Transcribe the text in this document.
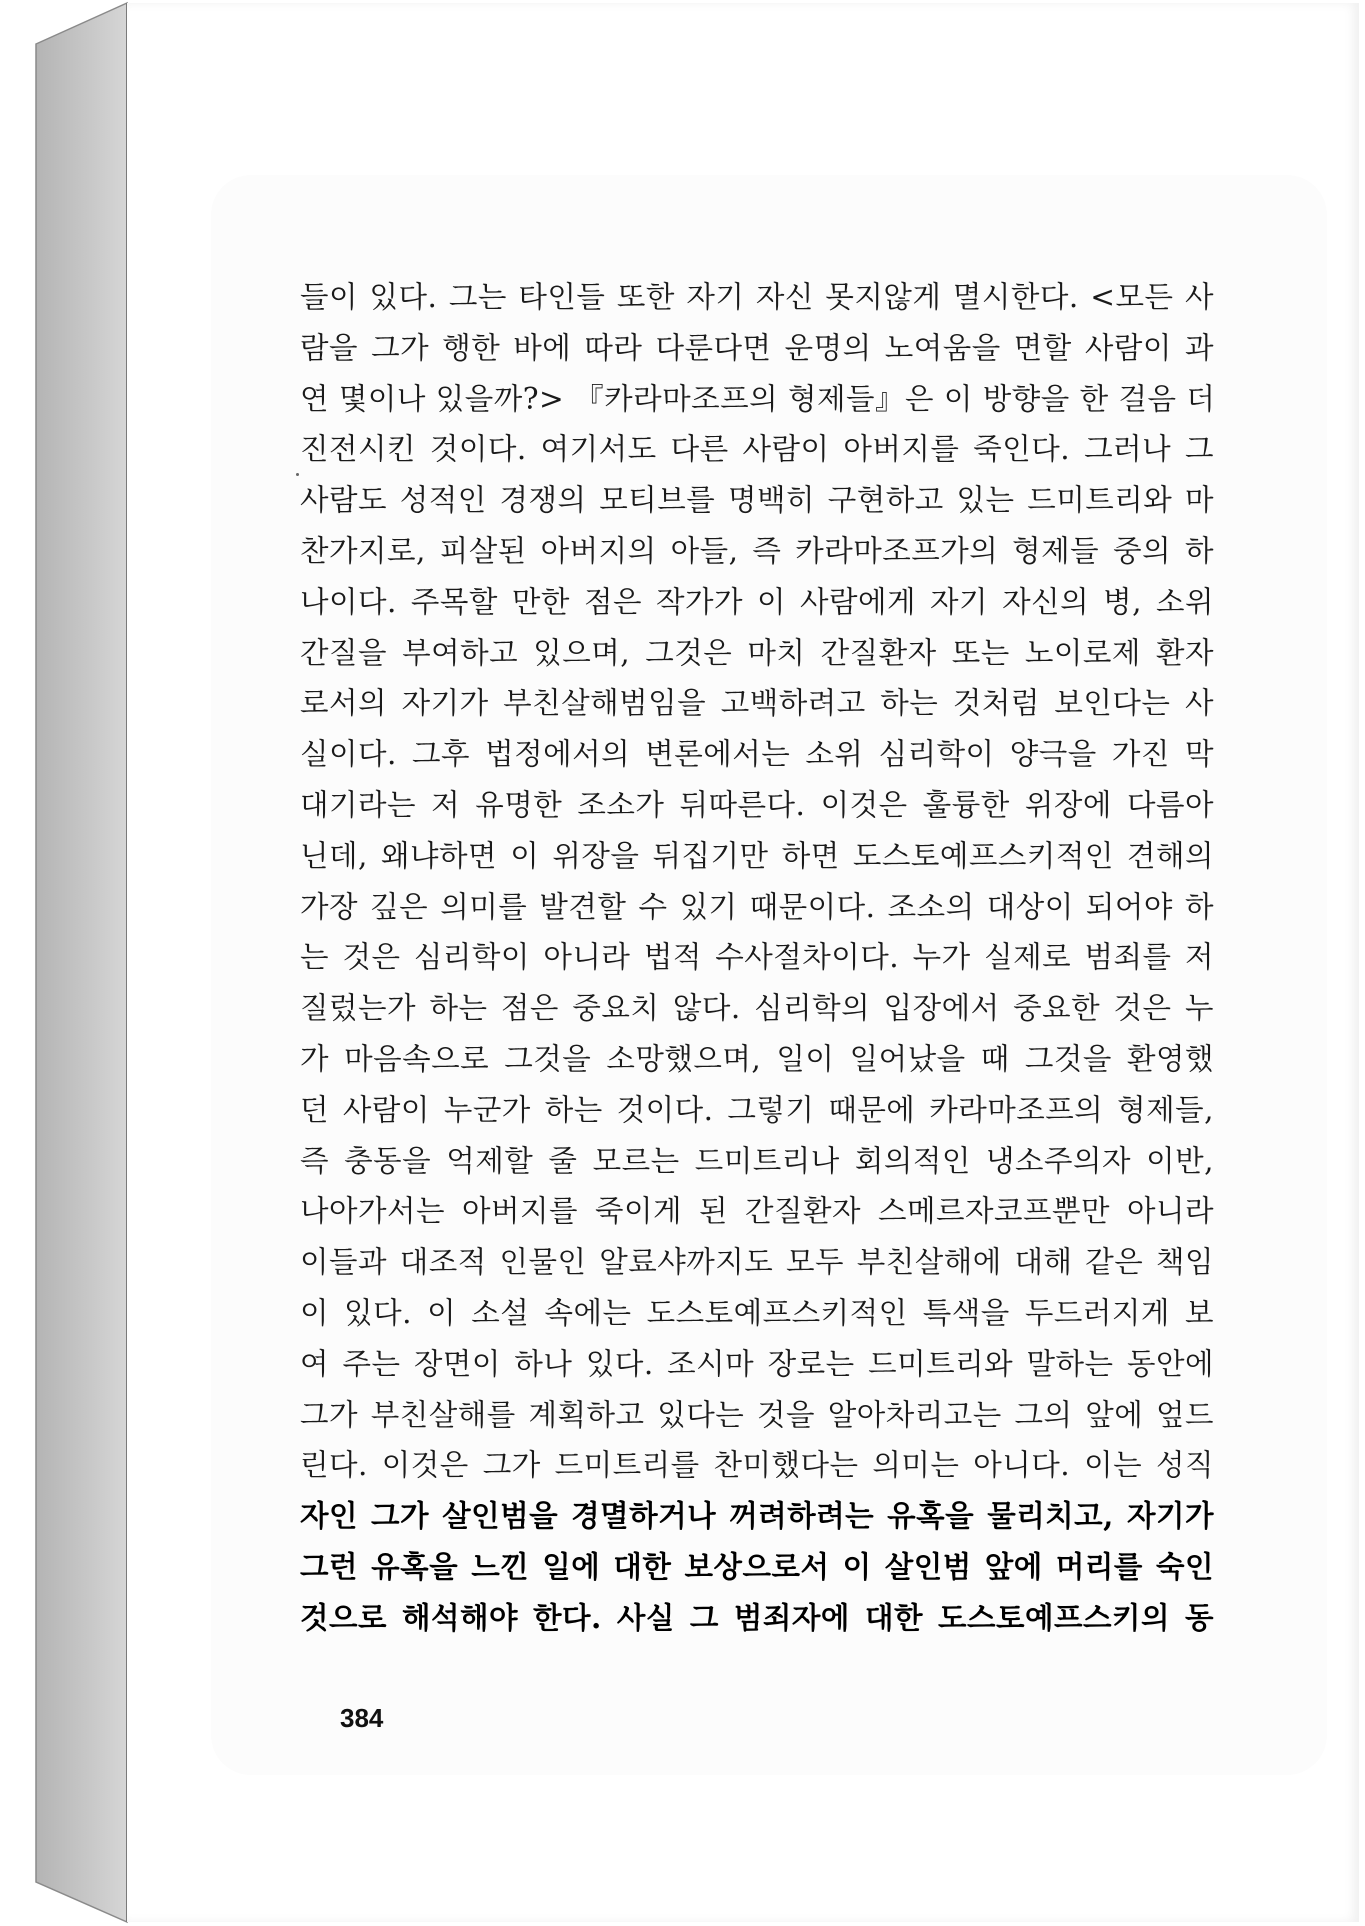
들이 있다. 그는 타인들 또한 자기 자신 못지않게 멸시한다. <모든 사
람을 그가 행한 바에 따라 다룬다면 운명의 노여움을 면할 사람이 과
연 몇이나 있을까?> 『카라마조프의 형제들』은 이 방향을 한 걸음 더
진전시킨 것이다. 여기서도 다른 사람이 아버지를 죽인다. 그러나 그
사람도 성적인 경쟁의 모티브를 명백히 구현하고 있는 드미트리와 마
찬가지로, 피살된 아버지의 아들, 즉 카라마조프가의 형제들 중의 하
나이다. 주목할 만한 점은 작가가 이 사람에게 자기 자신의 병, 소위
간질을 부여하고 있으며, 그것은 마치 간질환자 또는 노이로제 환자
로서의 자기가 부친살해범임을 고백하려고 하는 것처럼 보인다는 사
실이다. 그후 법정에서의 변론에서는 소위 심리학이 양극을 가진 막
대기라는 저 유명한 조소가 뒤따른다. 이것은 훌륭한 위장에 다름아
닌데, 왜냐하면 이 위장을 뒤집기만 하면 도스토예프스키적인 견해의
가장 깊은 의미를 발견할 수 있기 때문이다. 조소의 대상이 되어야 하
는 것은 심리학이 아니라 법적 수사절차이다. 누가 실제로 범죄를 저
질렀는가 하는 점은 중요치 않다. 심리학의 입장에서 중요한 것은 누
가 마음속으로 그것을 소망했으며, 일이 일어났을 때 그것을 환영했
던 사람이 누군가 하는 것이다. 그렇기 때문에 카라마조프의 형제들,
즉 충동을 억제할 줄 모르는 드미트리나 회의적인 냉소주의자 이반,
나아가서는 아버지를 죽이게 된 간질환자 스메르자코프뿐만 아니라
이들과 대조적 인물인 알료샤까지도 모두 부친살해에 대해 같은 책임
이 있다. 이 소설 속에는 도스토예프스키적인 특색을 두드러지게 보
여 주는 장면이 하나 있다. 조시마 장로는 드미트리와 말하는 동안에
그가 부친살해를 계획하고 있다는 것을 알아차리고는 그의 앞에 엎드
린다. 이것은 그가 드미트리를 찬미했다는 의미는 아니다. 이는 성직
자인 그가 살인범을 경멸하거나 꺼려하려는 유혹을 물리치고, 자기가
그런 유혹을 느낀 일에 대한 보상으로서 이 살인범 앞에 머리를 숙인
것으로 해석해야 한다. 사실 그 범죄자에 대한 도스토예프스키의 동
384
